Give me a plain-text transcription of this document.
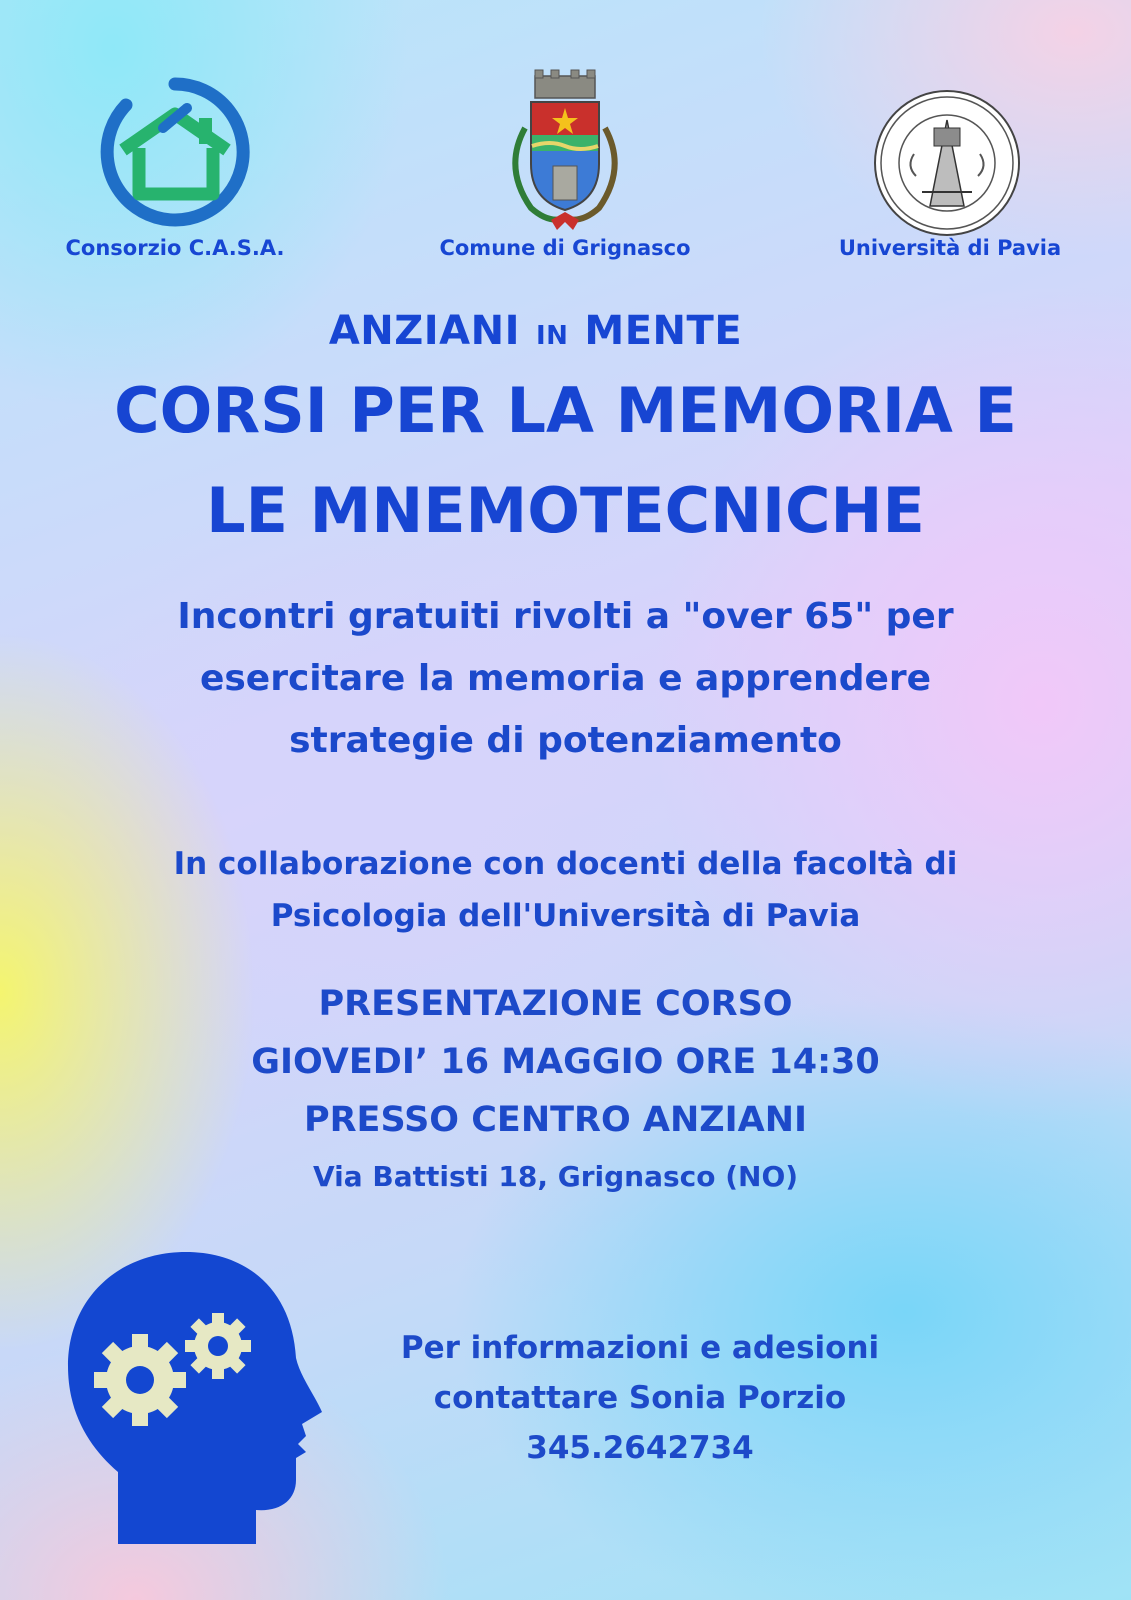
Consorzio C.A.S.A.	Comune di Grignasco	Università di Pavia
ANZIANI IN MENTE
CORSI PER LA MEMORIA E
LE MNEMOTECNICHE
Incontri gratuiti rivolti a "over 65" per
esercitare la memoria e apprendere
strategie di potenziamento
In collaborazione con docenti della facoltà di
Psicologia dell'Università di Pavia
PRESENTAZIONE CORSO
GIOVEDI’ 16 MAGGIO ORE 14:30
PRESSO CENTRO ANZIANI
Via Battisti 18, Grignasco (NO)
Per informazioni e adesioni
contattare Sonia Porzio
345.2642734
